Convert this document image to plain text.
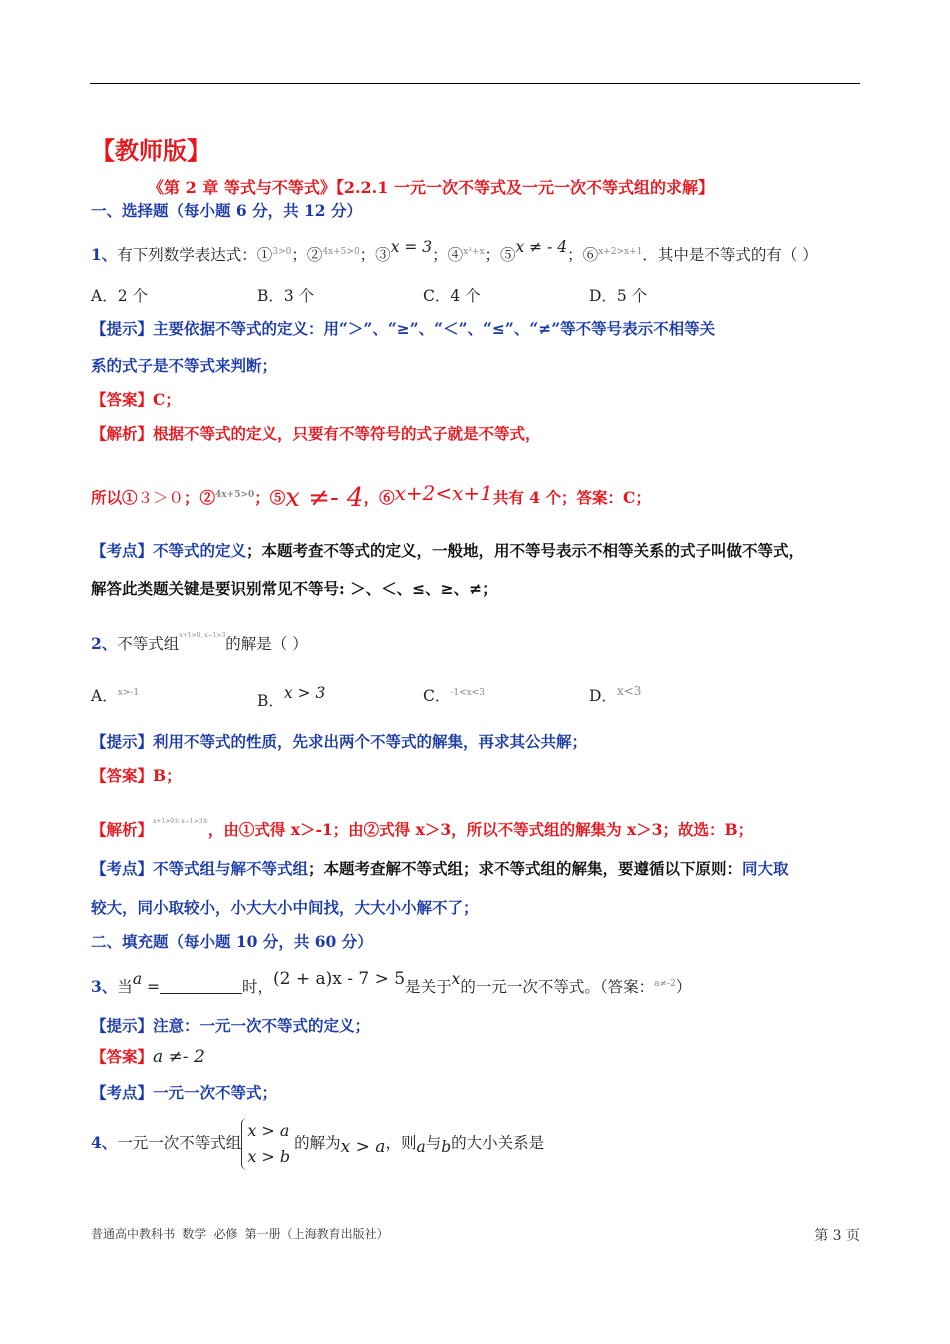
【教师版】
《第 2 章 等式与不等式》【2.2.1 一元一次不等式及一元一次不等式组的求解】
一、选择题（每小题 6 分，共 12 分）
1、有下列数学表达式：①$^{3>0}$；②$^{4x+5>0}$；③x = 3；④$^{x^2+x}$；⑤x ≠ - 4；⑥$^{x+2>x+1}$．其中是不等式的有（ ）
A．2 个	B．3 个	C．4 个	D．5 个
【提示】主要依据不等式的定义：用“＞”、“≥”、“＜”、“≤”、“≠”等不等号表示不相等关
系的式子是不等式来判断；
【答案】C；
【解析】根据不等式的定义，只要有不等符号的式子就是不等式，
所以①３＞０；②$^{4x+5>0}$；⑤x ≠- 4，⑥x+2<x+1共有 4 个；答案：C；
【考点】不等式的定义；本题考查不等式的定义，一般地，用不等号表示不相等关系的式子叫做不等式，
解答此类题关键是要识别常见不等号: ＞、＜、≤、≥、≠；
2、不等式组$^{x+1>0, x-1>3}$的解是（ ）
A．$^{x>-1}$	B．x > 3	C．$^{-1<x<3}$	D．$^{x<3}$
【提示】利用不等式的性质，先求出两个不等式的解集，再求其公共解；
【答案】B；
【解析】$^{x+1>0① x-1>3②}$，由①式得 x＞-1；由②式得 x＞3，所以不等式组的解集为 x＞3；故选：B；
【考点】不等式组与解不等式组；本题考查解不等式组；求不等式组的解集，要遵循以下原则：同大取
较大，同小取较小，小大大小中间找，大大小小解不了；
二、填充题（每小题 10 分，共 60 分）
3、当a =	时，(2 + a)x - 7 > 5是关于x的一元一次不等式。（答案：$^{a\ne-2}$）
【提示】注意：一元一次不等式的定义；
【答案】a ≠- 2
【考点】一元一次不等式；
4、一元一次不等式组x > a
x > b的解为x > a，则a与b的大小关系是
普通高中教科书 数学 必修 第一册（上海教育出版社）	第 3 页
